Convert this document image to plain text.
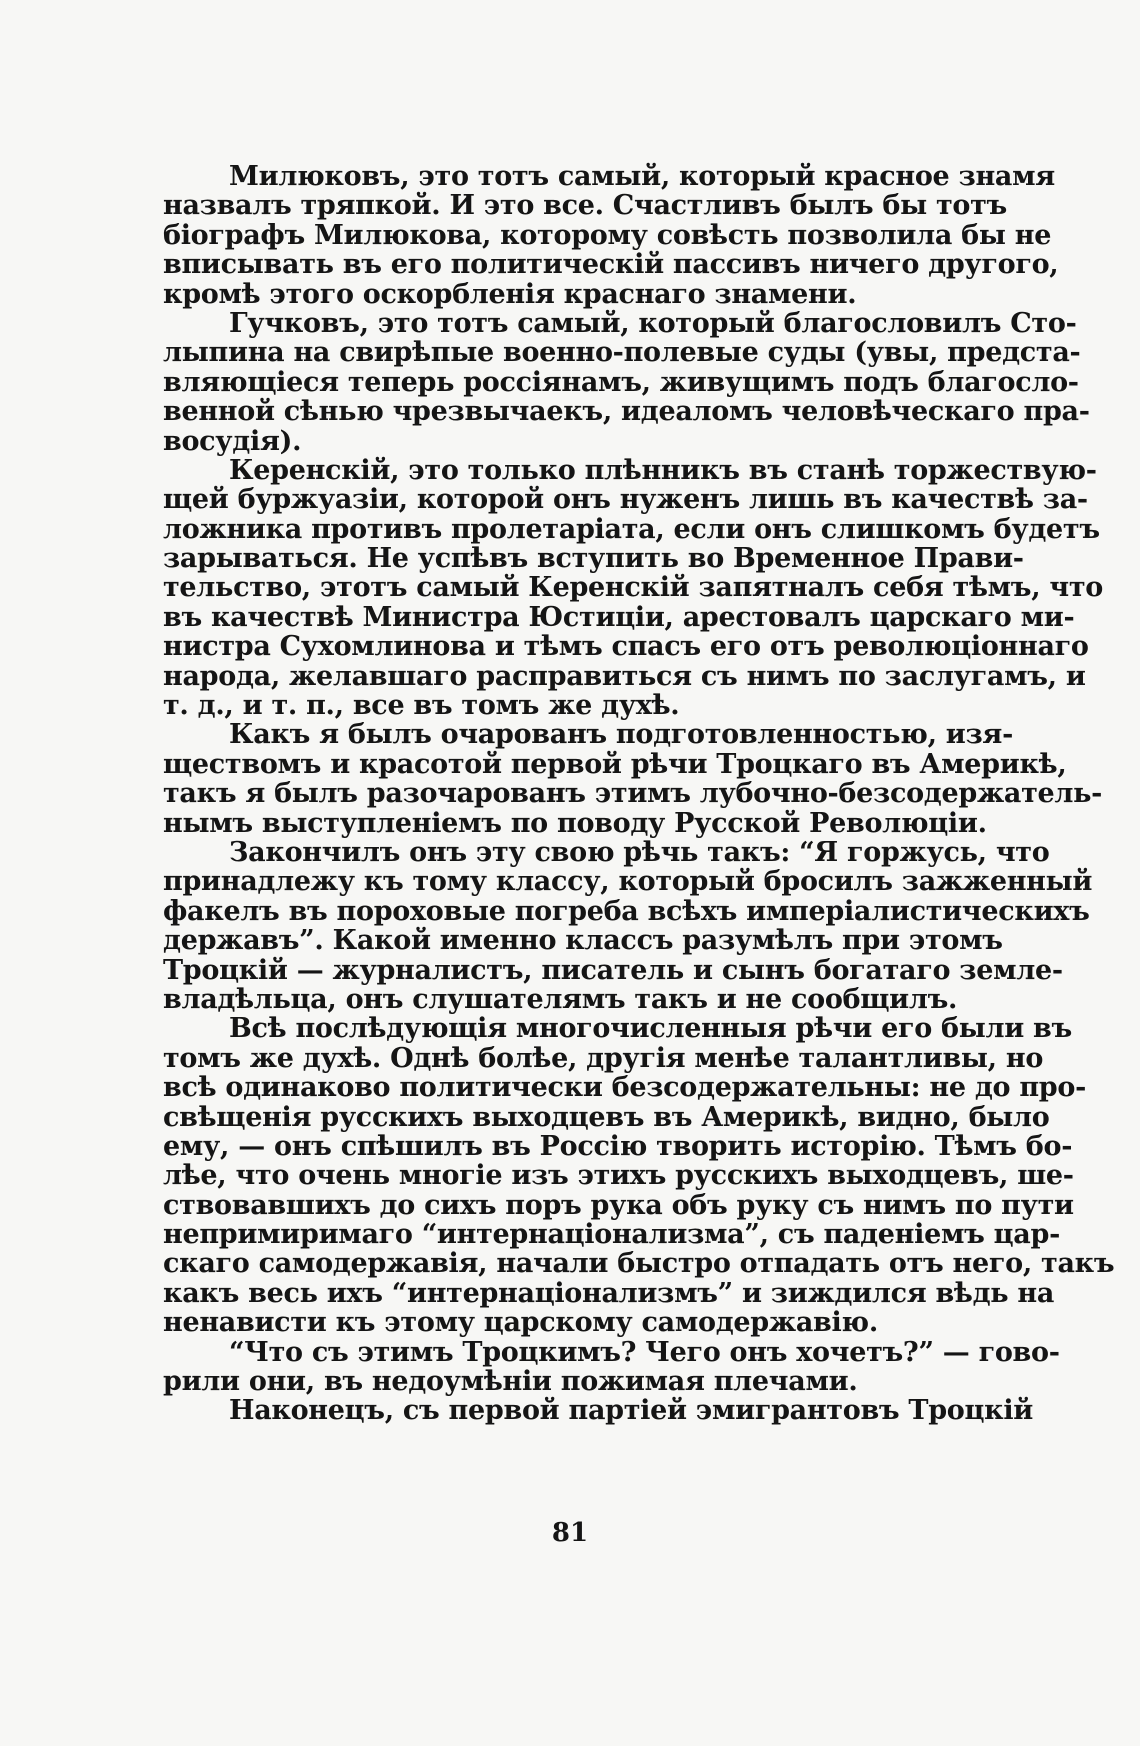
Милюковъ, это тотъ самый, который красное знамя
назвалъ тряпкой. И это все. Счастливъ былъ бы тотъ
біографъ Милюкова, которому совѣсть позволила бы не
вписывать въ его политическій пассивъ ничего другого,
кромѣ этого оскорбленія краснаго знамени.
Гучковъ, это тотъ самый, который благословилъ Сто-
лыпина на свирѣпые военно-полевые суды (увы, предста-
вляющіеся теперь россіянамъ, живущимъ подъ благосло-
венной сѣнью чрезвычаекъ, идеаломъ человѣческаго пра-
восудія).
Керенскій, это только плѣнникъ въ станѣ торжествую-
щей буржуазіи, которой онъ нуженъ лишь въ качествѣ за-
ложника противъ пролетаріата, если онъ слишкомъ будетъ
зарываться. Не успѣвъ вступить во Временное Прави-
тельство, этотъ самый Керенскій запятналъ себя тѣмъ, что
въ качествѣ Министра Юстиціи, арестовалъ царскаго ми-
нистра Сухомлинова и тѣмъ спасъ его отъ революціоннаго
народа, желавшаго расправиться съ нимъ по заслугамъ, и
т. д., и т. п., все въ томъ же духѣ.
Какъ я былъ очарованъ подготовленностью, изя-
ществомъ и красотой первой рѣчи Троцкаго въ Америкѣ,
такъ я былъ разочарованъ этимъ лубочно-безсодержатель-
нымъ выступленіемъ по поводу Русской Революціи.
Закончилъ онъ эту свою рѣчь такъ: “Я горжусь, что
принадлежу къ тому классу, который бросилъ зажженный
факелъ въ пороховые погреба всѣхъ имперіалистическихъ
державъ”. Какой именно классъ разумѣлъ при этомъ
Троцкій — журналистъ, писатель и сынъ богатаго земле-
владѣльца, онъ слушателямъ такъ и не сообщилъ.
Всѣ послѣдующія многочисленныя рѣчи его были въ
томъ же духѣ. Однѣ болѣе, другія менѣе талантливы, но
всѣ одинаково политически безсодержательны: не до про-
свѣщенія русскихъ выходцевъ въ Америкѣ, видно, было
ему, — онъ спѣшилъ въ Россію творить исторію. Тѣмъ бо-
лѣе, что очень многіе изъ этихъ русскихъ выходцевъ, ше-
ствовавшихъ до сихъ поръ рука объ руку съ нимъ по пути
непримиримаго “интернаціонализма”, съ паденіемъ цар-
скаго самодержавія, начали быстро отпадать отъ него, такъ
какъ весь ихъ “интернаціонализмъ” и зиждился вѣдь на
ненависти къ этому царскому самодержавію.
“Что съ этимъ Троцкимъ? Чего онъ хочетъ?” — гово-
рили они, въ недоумѣніи пожимая плечами.
Наконецъ, съ первой партіей эмигрантовъ Троцкій
81
